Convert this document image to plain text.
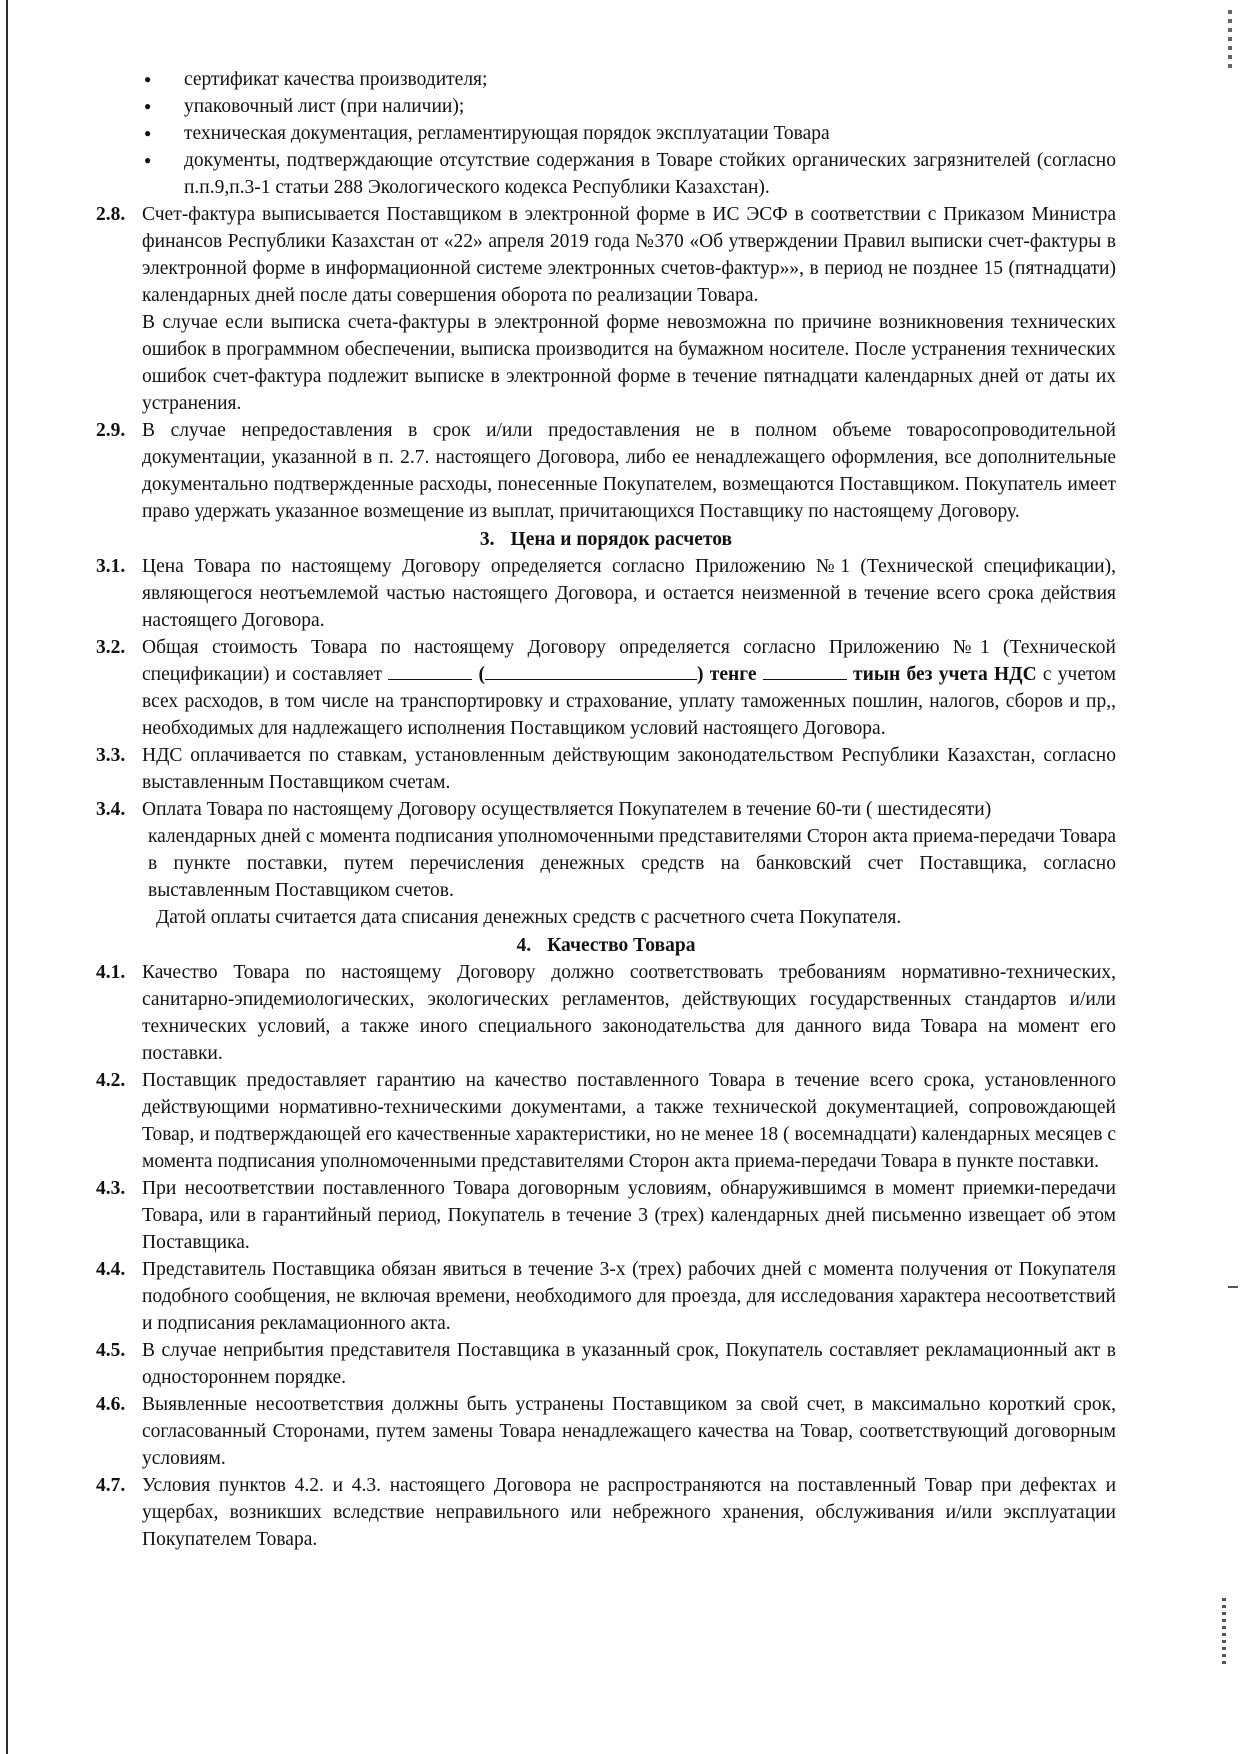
● сертификат качества производителя;
● упаковочный лист (при наличии);
● техническая документация, регламентирующая порядок эксплуатации Товара
● документы, подтверждающие отсутствие содержания в Товаре стойких органических загрязнителей (согласно п.п.9,п.3-1 статьи 288 Экологического кодекса Республики Казахстан).
2.8. Счет-фактура выписывается Поставщиком в электронной форме в ИС ЭСФ в соответствии с Приказом Министра финансов Республики Казахстан от «22» апреля 2019 года №370 «Об утверждении Правил выписки счет-фактуры в электронной форме в информационной системе электронных счетов-фактур»», в период не позднее 15 (пятнадцати) календарных дней после даты совершения оборота по реализации Товара.

В случае если выписка счета-фактуры в электронной форме невозможна по причине возникновения технических ошибок в программном обеспечении, выписка производится на бумажном носителе. После устранения технических ошибок счет-фактура подлежит выписке в электронной форме в течение пятнадцати календарных дней от даты их устранения.

2.9. В случае непредоставления в срок и/или предоставления не в полном объеме товаросопроводительной документации, указанной в п. 2.7. настоящего Договора, либо ее ненадлежащего оформления, все дополнительные документально подтвержденные расходы, понесенные Покупателем, возмещаются Поставщиком. Покупатель имеет право удержать указанное возмещение из выплат, причитающихся Поставщику по настоящему Договору.

3. Цена и порядок расчетов
3.1. Цена Товара по настоящему Договору определяется согласно Приложению №1 (Технической спецификации), являющегося неотъемлемой частью настоящего Договора, и остается неизменной в течение всего срока действия настоящего Договора.

3.2. Общая стоимость Товара по настоящему Договору определяется согласно Приложению №1 (Технической спецификации) и составляет	(	) тенге	тиын без учета НДС с учетом всех расходов, в том числе на транспортировку и страхование, уплату таможенных пошлин, налогов, сборов и пр,, необходимых для надлежащего исполнения Поставщиком условий настоящего Договора.

3.3. НДС оплачивается по ставкам, установленным действующим законодательством Республики Казахстан, согласно выставленным Поставщиком счетам.

3.4. Оплата Товара по настоящему Договору осуществляется Покупателем в течение 60-ти ( шестидесяти)

календарных дней с момента подписания уполномоченными представителями Сторон акта приема-передачи Товара в пункте поставки, путем перечисления денежных средств на банковский счет Поставщика, согласно выставленным Поставщиком счетов.

Датой оплаты считается дата списания денежных средств с расчетного счета Покупателя.

4. Качество Товара
4.1. Качество Товара по настоящему Договору должно соответствовать требованиям нормативно-технических, санитарно-эпидемиологических, экологических регламентов, действующих государственных стандартов и/или технических условий, а также иного специального законодательства для данного вида Товара на момент его поставки.

4.2. Поставщик предоставляет гарантию на качество поставленного Товара в течение всего срока, установленного действующими нормативно-техническими документами, а также технической документацией, сопровождающей Товар, и подтверждающей его качественные характеристики, но не менее 18 ( восемнадцати) календарных месяцев с момента подписания уполномоченными представителями Сторон акта приема-передачи Товара в пункте поставки.

4.3. При несоответствии поставленного Товара договорным условиям, обнаружившимся в момент приемки-передачи Товара, или в гарантийный период, Покупатель в течение 3 (трех) календарных дней письменно извещает об этом Поставщика.

4.4. Представитель Поставщика обязан явиться в течение 3-х (трех) рабочих дней с момента получения от Покупателя подобного сообщения, не включая времени, необходимого для проезда, для исследования характера несоответствий и подписания рекламационного акта.

4.5. В случае неприбытия представителя Поставщика в указанный срок, Покупатель составляет рекламационный акт в одностороннем порядке.

4.6. Выявленные несоответствия должны быть устранены Поставщиком за свой счет, в максимально короткий срок, согласованный Сторонами, путем замены Товара ненадлежащего качества на Товар, соответствующий договорным условиям.

4.7. Условия пунктов 4.2. и 4.3. настоящего Договора не распространяются на поставленный Товар при дефектах и ущербах, возникших вследствие неправильного или небрежного хранения, обслуживания и/или эксплуатации Покупателем Товара.
